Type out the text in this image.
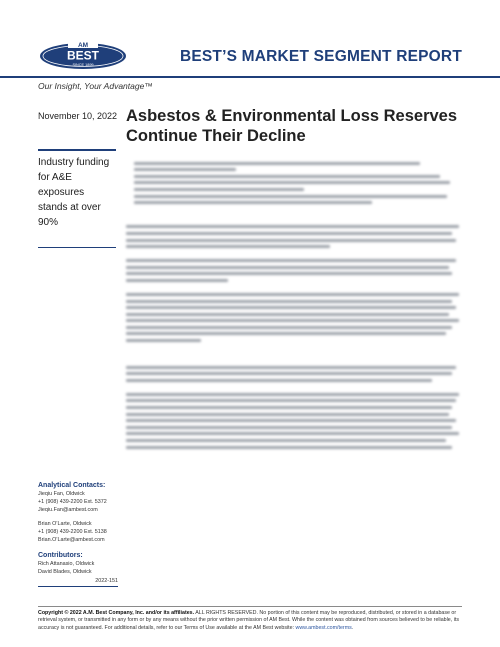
AM
BEST
SINCE 1899	BEST’S MARKET SEGMENT REPORT
Our Insight, Your Advantage™
November 10, 2022 Asbestos & Environmental Loss Reserves Continue Their Decline
Industry funding for A&E exposures stands at over 90%
Analytical Contacts:
Jieqiu Fan, Oldwick
+1 (908) 439-2200 Ext. 5372
Jieqiu.Fan@ambest.com
Brian O’Larte, Oldwick
+1 (908) 439-2200 Ext. 5138
Brian.O’Larte@ambest.com
Contributors:
Rich Attanasio, Oldwick
David Blades, Oldwick
2022-151

Copyright © 2022 A.M. Best Company, Inc. and/or its affiliates. ALL RIGHTS RESERVED. No portion of this content may be reproduced, distributed, or stored in a database or retrieval system, or transmitted in any form or by any means without the prior written permission of AM Best. While the content was obtained from sources believed to be reliable, its accuracy is not guaranteed. For additional details, refer to our Terms of Use available at the AM Best website: www.ambest.com/terms.
